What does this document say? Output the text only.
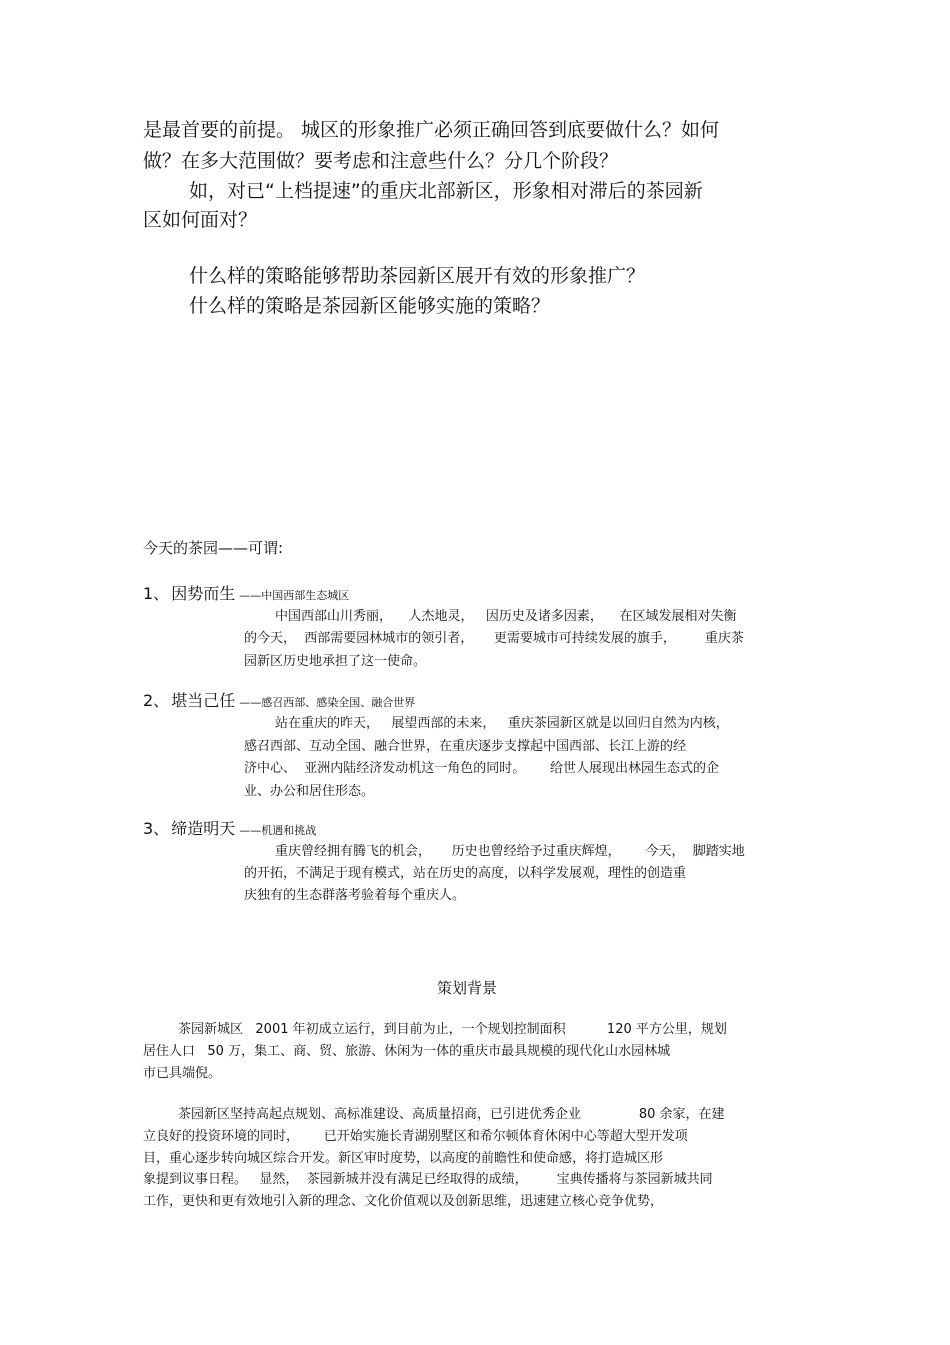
是最首要的前提。 城区的形象推广必须正确回答到底要做什么？如何
做？在多大范围做？要考虑和注意些什么？分几个阶段？
如，对已“上档提速”的重庆北部新区，形象相对滞后的茶园新
区如何面对？
什么样的策略能够帮助茶园新区展开有效的形象推广？
什么样的策略是茶园新区能够实施的策略？
今天的茶园——可谓:
1、 因势而生 ——中国西部生态城区
中国西部山川秀丽，    人杰地灵，   因历史及诸多因素，    在区域发展相对失衡
的今天，  西部需要园林城市的领引者，     更需要城市可持续发展的旗手，       重庆茶
园新区历史地承担了这一使命。
2、 堪当己任 ——感召西部、感染全国、融合世界
站在重庆的昨天，   展望西部的未来，   重庆茶园新区就是以回归自然为内核，
感召西部、互动全国、融合世界，在重庆逐步支撑起中国西部、长江上游的经
济中心、  亚洲内陆经济发动机这一角色的同时。      给世人展现出林园生态式的企
业、办公和居住形态。
3、 缔造明天 ——机遇和挑战
重庆曾经拥有腾飞的机会，     历史也曾经给予过重庆辉煌，      今天，  脚踏实地
的开拓，不满足于现有模式，站在历史的高度，以科学发展观，理性的创造重
庆独有的生态群落考验着每个重庆人。
策划背景
茶园新城区   2001 年初成立运行，到目前为止，一个规划控制面积          120 平方公里，规划
居住人口   50 万，集工、商、贸、旅游、休闲为一体的重庆市最具规模的现代化山水园林城
市已具端倪。
茶园新区坚持高起点规划、高标准建设、高质量招商，已引进优秀企业              80 余家，在建
立良好的投资环境的同时，      已开始实施长青湖别墅区和希尔顿体育休闲中心等超大型开发项
目，重心逐步转向城区综合开发。新区审时度势，以高度的前瞻性和使命感，将打造城区形
象提到议事日程。   显然，  茶园新城并没有满足已经取得的成绩，       宝典传播将与茶园新城共同
工作，更快和更有效地引入新的理念、文化价值观以及创新思维，迅速建立核心竞争优势，
